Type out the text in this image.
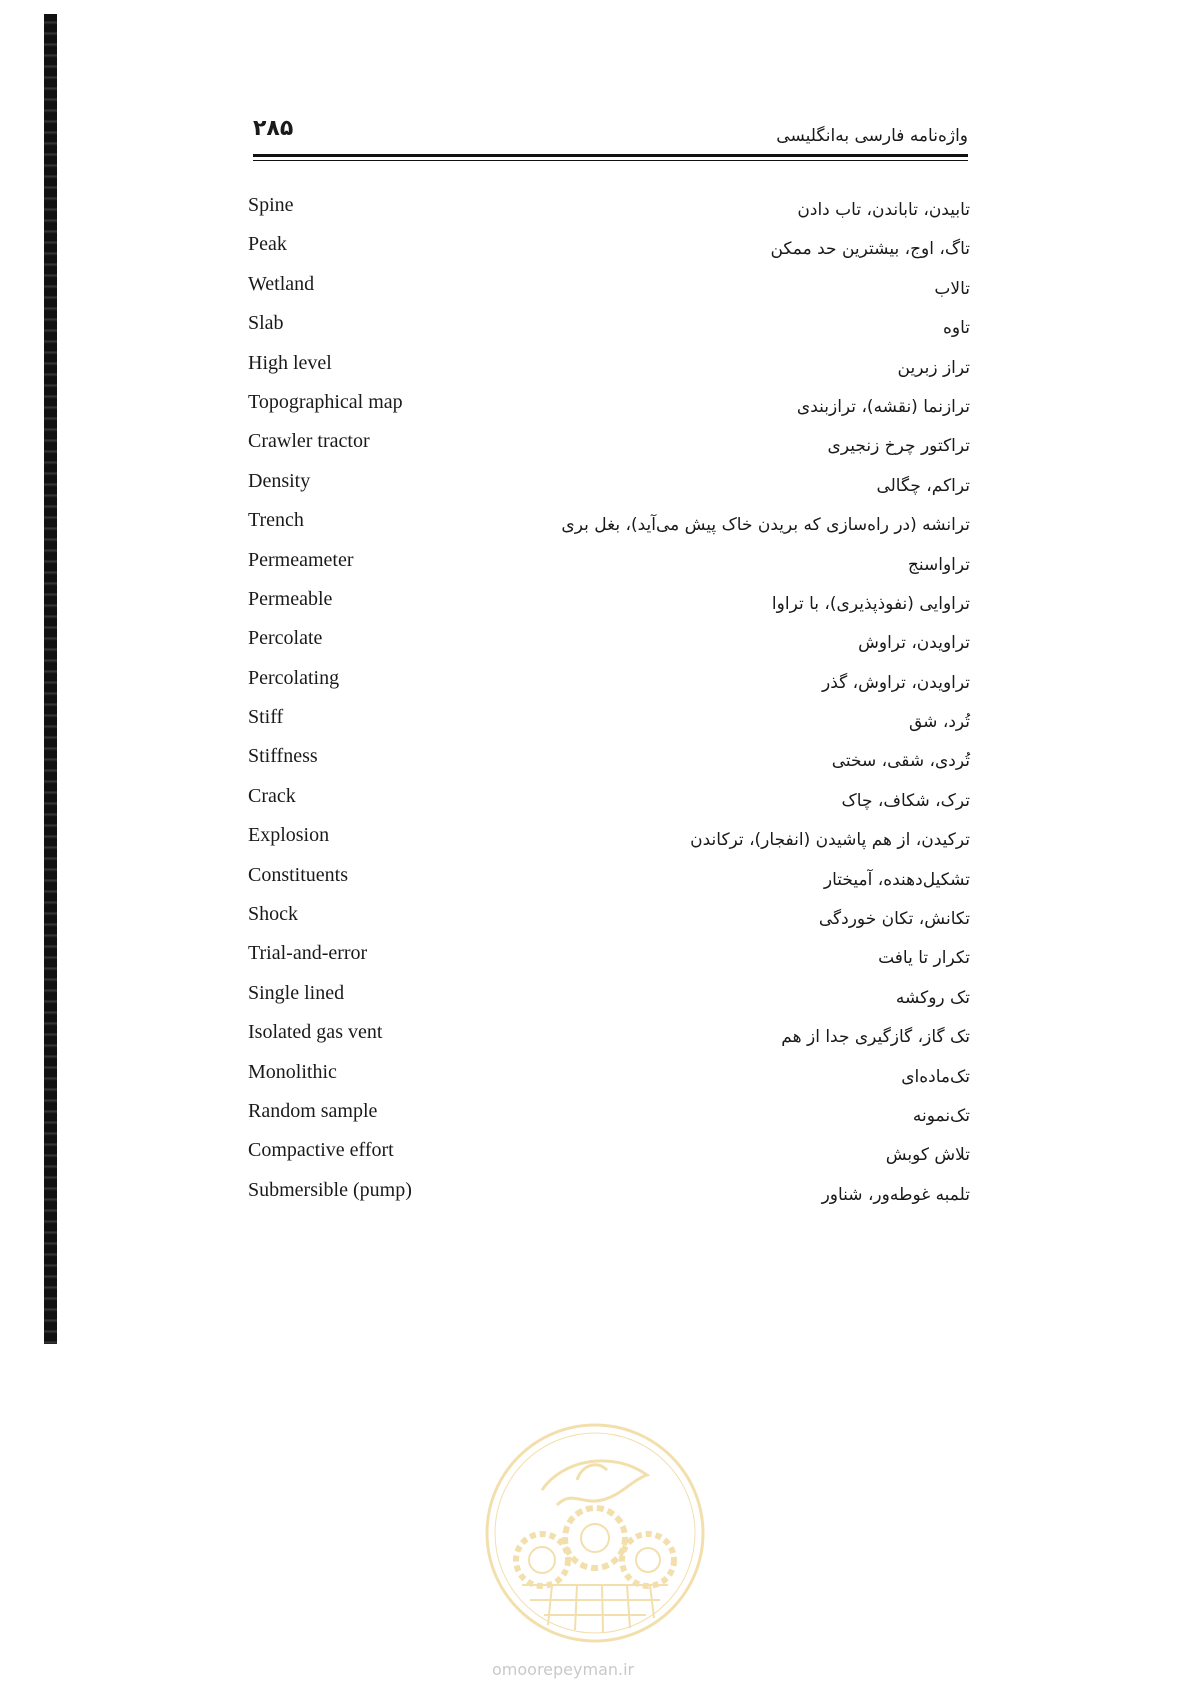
۲۸۵	واژه‌نامه فارسی به‌انگلیسی
Spine	تابیدن، تاباندن، تاب دادن
Peak	تاگ، اوج، بیشترین حد ممکن
Wetland	تالاب
Slab	تاوه
High level	تراز زبرین
Topographical map	ترازنما (نقشه)، ترازبندی
Crawler tractor	تراکتور چرخ زنجیری
Density	تراکم، چگالی
Trench	ترانشه (در راه‌سازی که بریدن خاک پیش می‌آید)، بغل بری
Permeameter	تراواسنج
Permeable	تراوایی (نفوذپذیری)، با تراوا
Percolate	تراویدن، تراوش
Percolating	تراویدن، تراوش، گذر
Stiff	تُرد، شق
Stiffness	تُردی، شقی، سختی
Crack	ترک، شکاف، چاک
Explosion	ترکیدن، از هم پاشیدن (انفجار)، ترکاندن
Constituents	تشکیل‌دهنده، آمیختار
Shock	تکانش، تکان خوردگی
Trial-and-error	تکرار تا یافت
Single lined	تک روکشه
Isolated gas vent	تک گاز، گازگیری جدا از هم
Monolithic	تک‌ماده‌ای
Random sample	تک‌نمونه
Compactive effort	تلاش کوبش
Submersible (pump)	تلمبه غوطه‌ور، شناور
omoorepeyman.ir
